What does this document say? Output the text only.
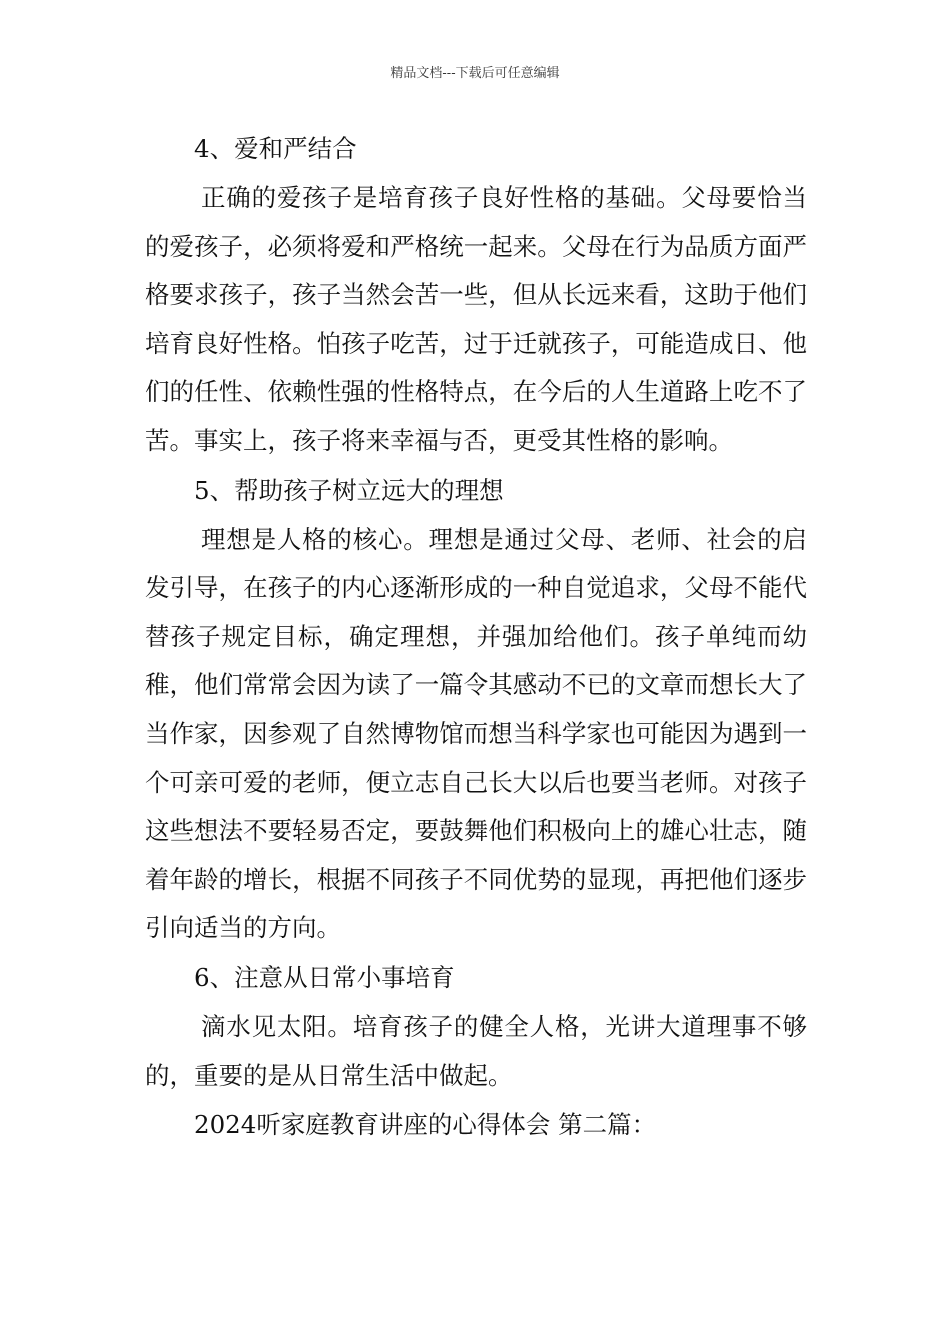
精品文档---下载后可任意编辑
4、爱和严结合

正确的爱孩子是培育孩子良好性格的基础。父母要恰当的爱孩子，必须将爱和严格统一起来。父母在行为品质方面严格要求孩子，孩子当然会苦一些，但从长远来看，这助于他们培育良好性格。怕孩子吃苦，过于迁就孩子，可能造成日、他们的任性、依赖性强的性格特点，在今后的人生道路上吃不了苦。事实上，孩子将来幸福与否，更受其性格的影响。

5、帮助孩子树立远大的理想

理想是人格的核心。理想是通过父母、老师、社会的启发引导，在孩子的内心逐渐形成的一种自觉追求，父母不能代替孩子规定目标，确定理想，并强加给他们。孩子单纯而幼稚，他们常常会因为读了一篇令其感动不已的文章而想长大了当作家，因参观了自然博物馆而想当科学家也可能因为遇到一个可亲可爱的老师，便立志自己长大以后也要当老师。对孩子这些想法不要轻易否定，要鼓舞他们积极向上的雄心壮志，随着年龄的增长，根据不同孩子不同优势的显现，再把他们逐步引向适当的方向。

6、注意从日常小事培育

滴水见太阳。培育孩子的健全人格，光讲大道理事不够的，重要的是从日常生活中做起。

2024听家庭教育讲座的心得体会 第二篇：
